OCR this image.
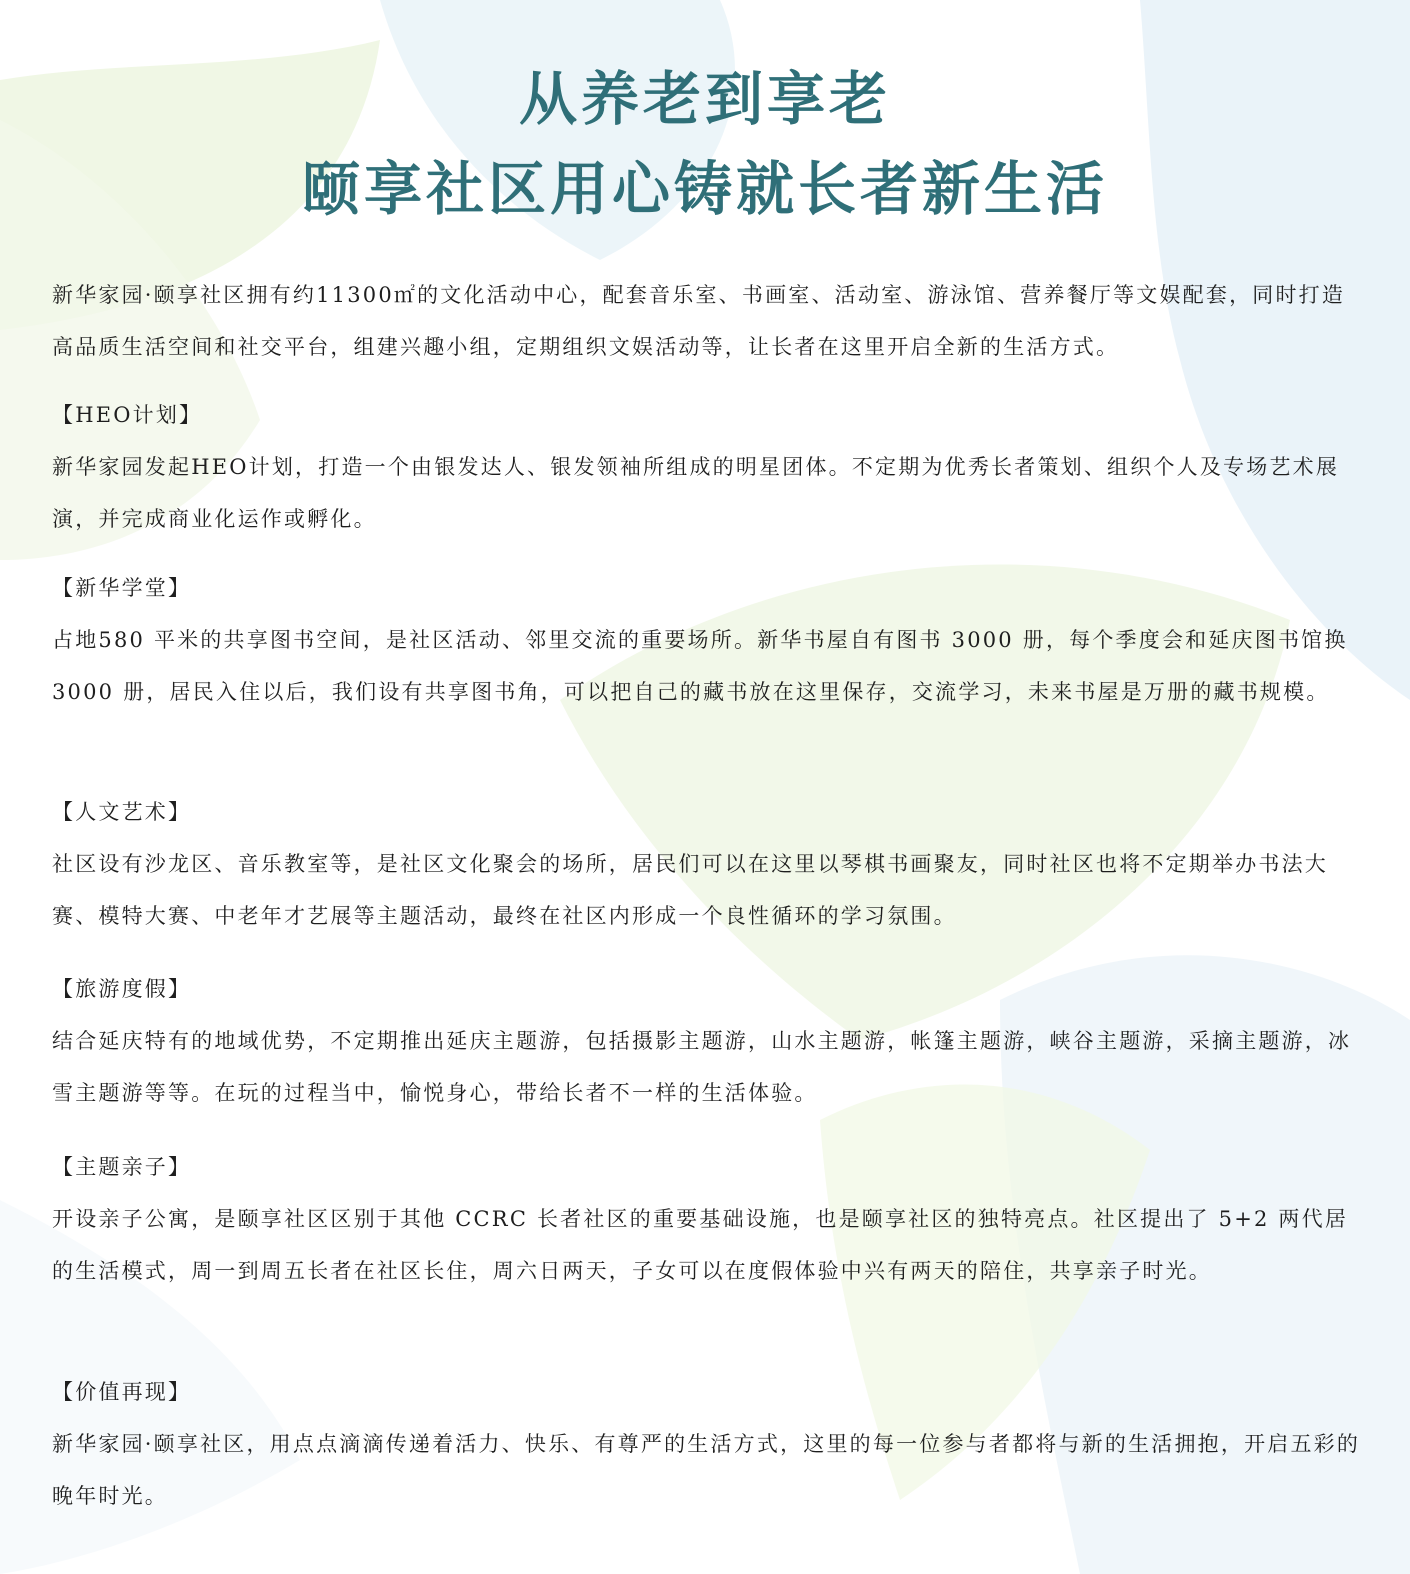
从养老到享老
颐享社区用心铸就长者新生活

新华家园·颐享社区拥有约11300㎡的文化活动中心，配套音乐室、书画室、活动室、游泳馆、营养餐厅等文娱配套，同时打造高品质生活空间和社交平台，组建兴趣小组，定期组织文娱活动等，让长者在这里开启全新的生活方式。

【HEO计划】

新华家园发起HEO计划，打造一个由银发达人、银发领袖所组成的明星团体。不定期为优秀长者策划、组织个人及专场艺术展演，并完成商业化运作或孵化。

【新华学堂】

占地580 平米的共享图书空间，是社区活动、邻里交流的重要场所。新华书屋自有图书 3000 册，每个季度会和延庆图书馆换 3000 册，居民入住以后，我们设有共享图书角，可以把自己的藏书放在这里保存，交流学习，未来书屋是万册的藏书规模。

【人文艺术】

社区设有沙龙区、音乐教室等，是社区文化聚会的场所，居民们可以在这里以琴棋书画聚友，同时社区也将不定期举办书法大赛、模特大赛、中老年才艺展等主题活动，最终在社区内形成一个良性循环的学习氛围。

【旅游度假】

结合延庆特有的地域优势，不定期推出延庆主题游，包括摄影主题游，山水主题游，帐篷主题游，峡谷主题游，采摘主题游，冰雪主题游等等。在玩的过程当中，愉悦身心，带给长者不一样的生活体验。

【主题亲子】

开设亲子公寓，是颐享社区区别于其他 CCRC 长者社区的重要基础设施，也是颐享社区的独特亮点。社区提出了 5+2 两代居的生活模式，周一到周五长者在社区长住，周六日两天，子女可以在度假体验中兴有两天的陪住，共享亲子时光。

【价值再现】

新华家园·颐享社区，用点点滴滴传递着活力、快乐、有尊严的生活方式，这里的每一位参与者都将与新的生活拥抱，开启五彩的晚年时光。
